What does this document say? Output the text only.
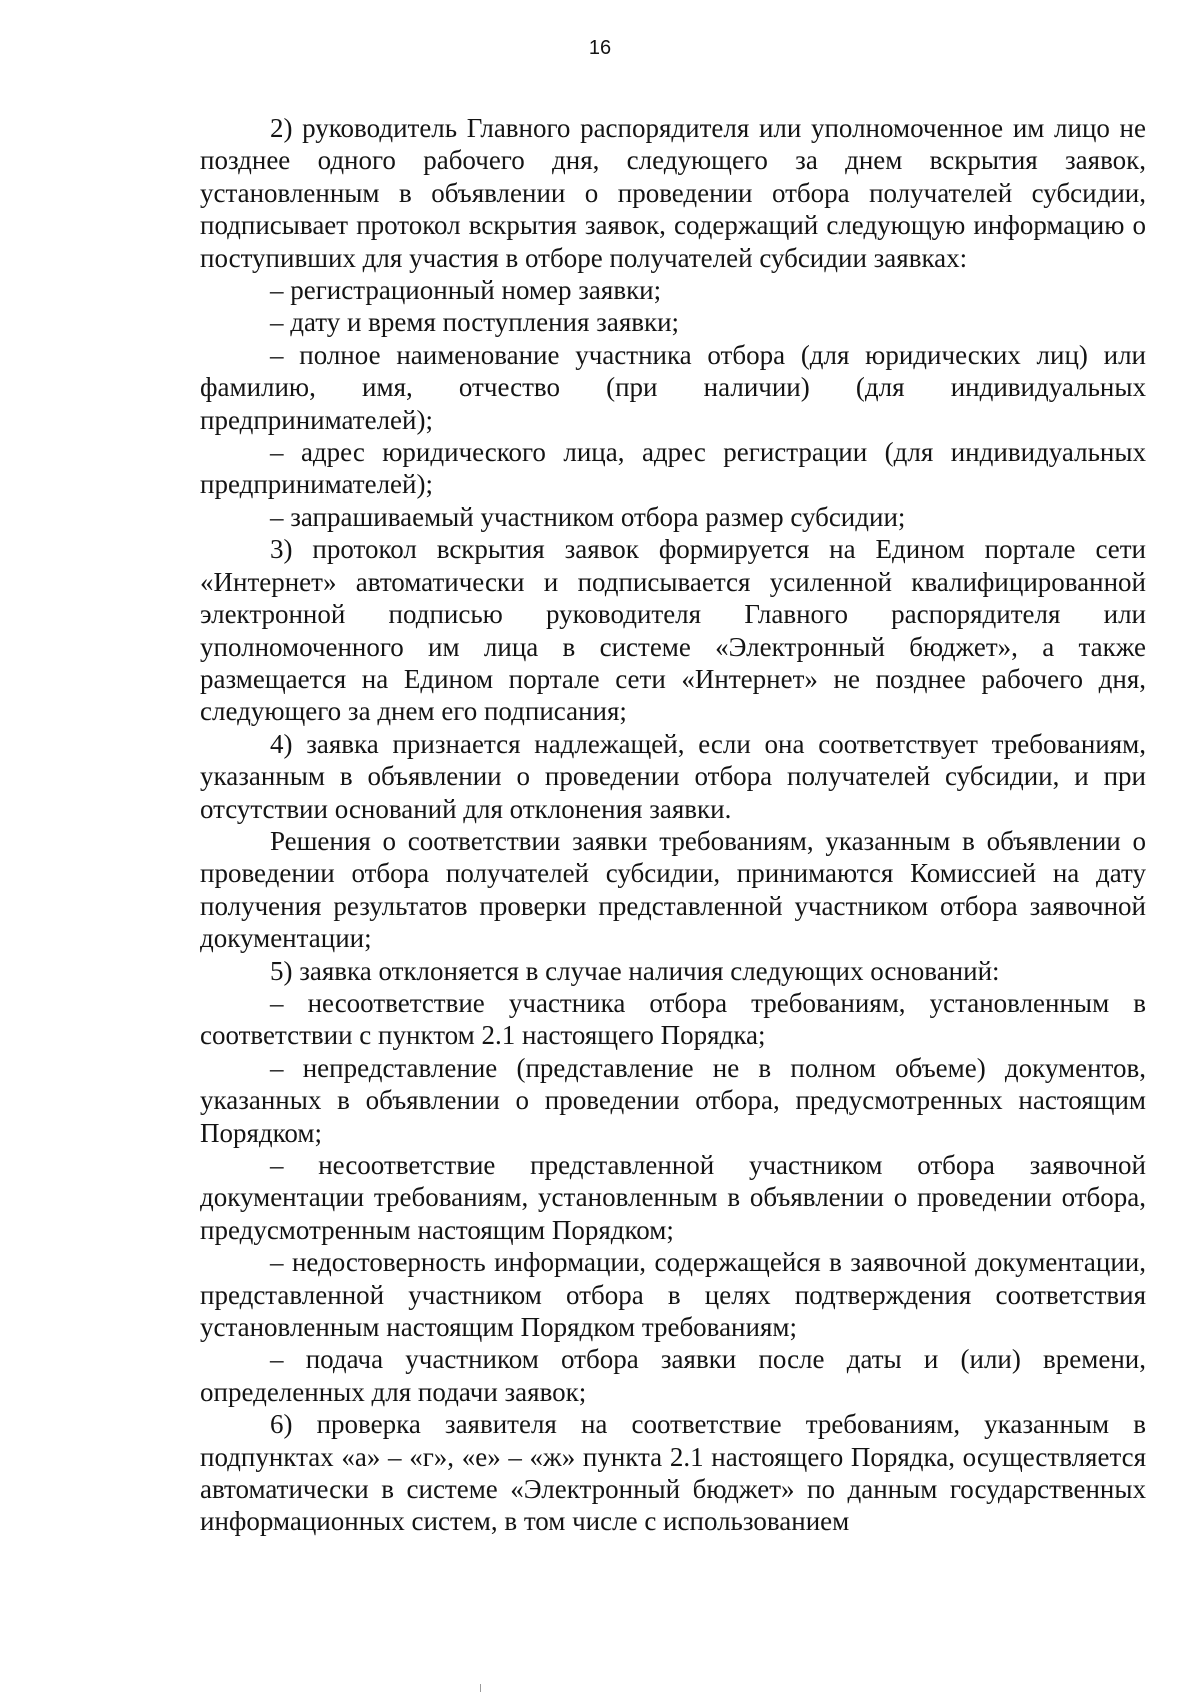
16

2) руководитель Главного распорядителя или уполномоченное им лицо не позднее одного рабочего дня, следующего за днем вскрытия заявок, установленным в объявлении о проведении отбора получателей субсидии, подписывает протокол вскрытия заявок, содержащий следующую информацию о поступивших для участия в отборе получателей субсидии заявках:

– регистрационный номер заявки;

– дату и время поступления заявки;

– полное наименование участника отбора (для юридических лиц) или фамилию, имя, отчество (при наличии) (для индивидуальных предпринимателей);

– адрес юридического лица, адрес регистрации (для индивидуальных предпринимателей);

– запрашиваемый участником отбора размер субсидии;

3) протокол вскрытия заявок формируется на Едином портале сети «Интернет» автоматически и подписывается усиленной квалифицированной электронной подписью руководителя Главного распорядителя или уполномоченного им лица в системе «Электронный бюджет», а также размещается на Едином портале сети «Интернет» не позднее рабочего дня, следующего за днем его подписания;

4) заявка признается надлежащей, если она соответствует требованиям, указанным в объявлении о проведении отбора получателей субсидии, и при отсутствии оснований для отклонения заявки.

Решения о соответствии заявки требованиям, указанным в объявлении о проведении отбора получателей субсидии, принимаются Комиссией на дату получения результатов проверки представленной участником отбора заявочной документации;

5) заявка отклоняется в случае наличия следующих оснований:

– несоответствие участника отбора требованиям, установленным в соответствии с пунктом 2.1 настоящего Порядка;

– непредставление (представление не в полном объеме) документов, указанных в объявлении о проведении отбора, предусмотренных настоящим Порядком;

– несоответствие представленной участником отбора заявочной документации требованиям, установленным в объявлении о проведении отбора, предусмотренным настоящим Порядком;

– недостоверность информации, содержащейся в заявочной документации, представленной участником отбора в целях подтверждения соответствия установленным настоящим Порядком требованиям;

– подача участником отбора заявки после даты и (или) времени, определенных для подачи заявок;

6) проверка заявителя на соответствие требованиям, указанным в подпунктах «а» – «г», «е» – «ж» пункта 2.1 настоящего Порядка, осуществляется автоматически в системе «Электронный бюджет» по данным государственных информационных систем, в том числе с использованием
